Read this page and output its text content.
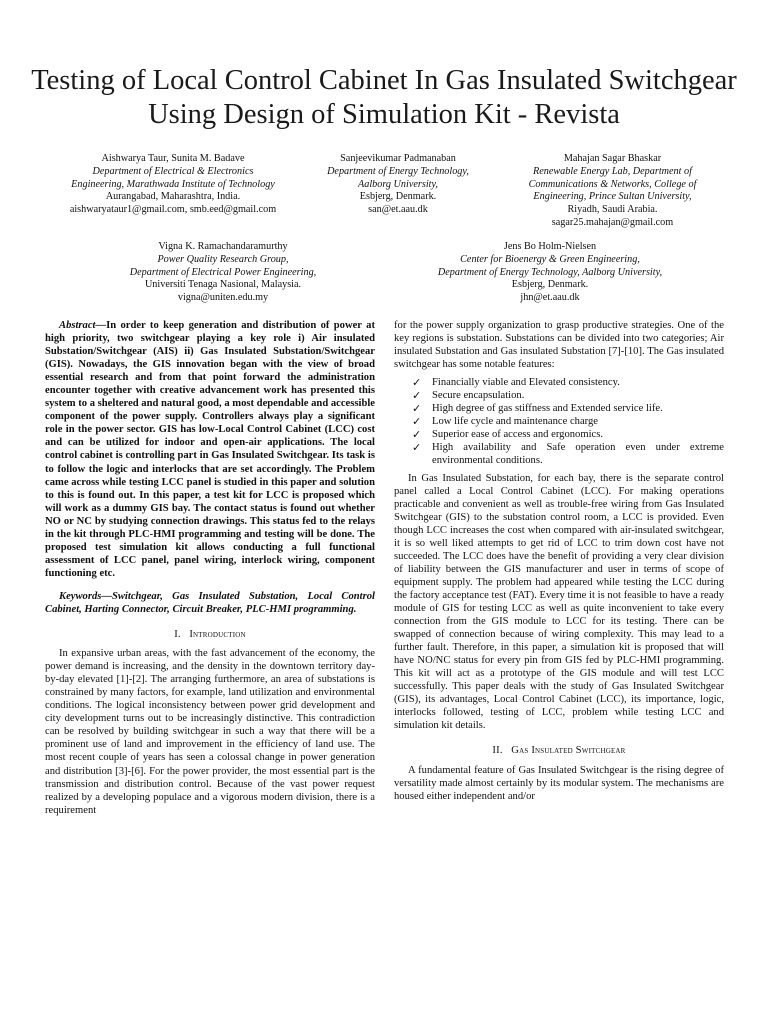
Testing of Local Control Cabinet In Gas Insulated Switchgear Using Design of Simulation Kit - Revista
Aishwarya Taur, Sunita M. Badave
Department of Electrical & Electronics
Engineering, Marathwada Institute of Technology
Aurangabad, Maharashtra, India.
aishwaryataur1@gmail.com, smb.eed@gmail.com
Sanjeevikumar Padmanaban
Department of Energy Technology,
Aalborg University,
Esbjerg, Denmark.
san@et.aau.dk
Mahajan Sagar Bhaskar
Renewable Energy Lab, Department of
Communications & Networks, College of
Engineering, Prince Sultan University,
Riyadh, Saudi Arabia.
sagar25.mahajan@gmail.com
Vigna K. Ramachandaramurthy
Power Quality Research Group,
Department of Electrical Power Engineering,
Universiti Tenaga Nasional, Malaysia.
vigna@uniten.edu.my
Jens Bo Holm-Nielsen
Center for Bioenergy & Green Engineering,
Department of Energy Technology, Aalborg University,
Esbjerg, Denmark.
jhn@et.aau.dk

Abstract—In order to keep generation and distribution of power at high priority, two switchgear playing a key role i) Air insulated Substation/Switchgear (AIS) ii) Gas Insulated Substation/Switchgear (GIS). Nowadays, the GIS innovation began with the view of broad essential research and from that point forward the administration encounter together with creative advancement work has presented this system to a sheltered and natural good, a most dependable and accessible component of the power supply. Controllers always play a significant role in the power sector. GIS has low-Local Control Cabinet (LCC) cost and can be utilized for indoor and open-air applications. The local control cabinet is controlling part in Gas Insulated Switchgear. Its task is to follow the logic and interlocks that are set accordingly. The Problem came across while testing LCC panel is studied in this paper and solution to this is found out. In this paper, a test kit for LCC is proposed which will work as a dummy GIS bay. The contact status is found out whether NO or NC by studying connection drawings. This status fed to the relays in the kit through PLC-HMI programming and testing will be done. The proposed test simulation kit allows conducting a full functional assessment of LCC panel, panel wiring, interlock wiring, component functioning etc.

Keywords—Switchgear, Gas Insulated Substation, Local Control Cabinet, Harting Connector, Circuit Breaker, PLC-HMI programming.

I. Introduction

In expansive urban areas, with the fast advancement of the economy, the power demand is increasing, and the density in the downtown territory day-by-day elevated [1]-[2]. The arranging furthermore, an area of substations is constrained by many factors, for example, land utilization and environmental conditions. The logical inconsistency between power grid development and city development turns out to be increasingly distinctive. This contradiction can be resolved by building switchgear in such a way that there will be a prominent use of land and improvement in the efficiency of land use. The most recent couple of years has seen a colossal change in power generation and distribution [3]-[6]. For the power provider, the most essential part is the transmission and distribution control. Because of the vast power request realized by a developing populace and a vigorous modern division, there is a requirement

for the power supply organization to grasp productive strategies. One of the key regions is substation. Substations can be divided into two categories; Air insulated Substation and Gas insulated Substation [7]-[10]. The Gas insulated switchgear has some notable features:

✓ Financially viable and Elevated consistency.
✓ Secure encapsulation.
✓ High degree of gas stiffness and Extended service life.
✓ Low life cycle and maintenance charge
✓ Superior ease of access and ergonomics.
✓ High availability and Safe operation even under extreme environmental conditions.

In Gas Insulated Substation, for each bay, there is the separate control panel called a Local Control Cabinet (LCC). For making operations practicable and convenient as well as trouble-free wiring from Gas Insulated Switchgear (GIS) to the substation control room, a LCC is provided. Even though LCC increases the cost when compared with air-insulated switchgear, it is so well liked attempts to get rid of LCC to trim down cost have not succeeded. The LCC does have the benefit of providing a very clear division of liability between the GIS manufacturer and user in terms of scope of equipment supply. The problem had appeared while testing the LCC during the factory acceptance test (FAT). Every time it is not feasible to have a ready module of GIS for testing LCC as well as quite inconvenient to take every connection from the GIS module to LCC for its testing. There can be swapped of connection because of wiring complexity. This may lead to a further fault. Therefore, in this paper, a simulation kit is proposed that will have NO/NC status for every pin from GIS fed by PLC-HMI programming. This kit will act as a prototype of the GIS module and will test LCC successfully. This paper deals with the study of Gas Insulated Switchgear (GIS), its advantages, Local Control Cabinet (LCC), its importance, logic, interlocks followed, testing of LCC, problem while testing LCC and simulation kit details.

II. Gas Insulated Switchgear

A fundamental feature of Gas Insulated Switchgear is the rising degree of versatility made almost certainly by its modular system. The mechanisms are housed either independent and/or
